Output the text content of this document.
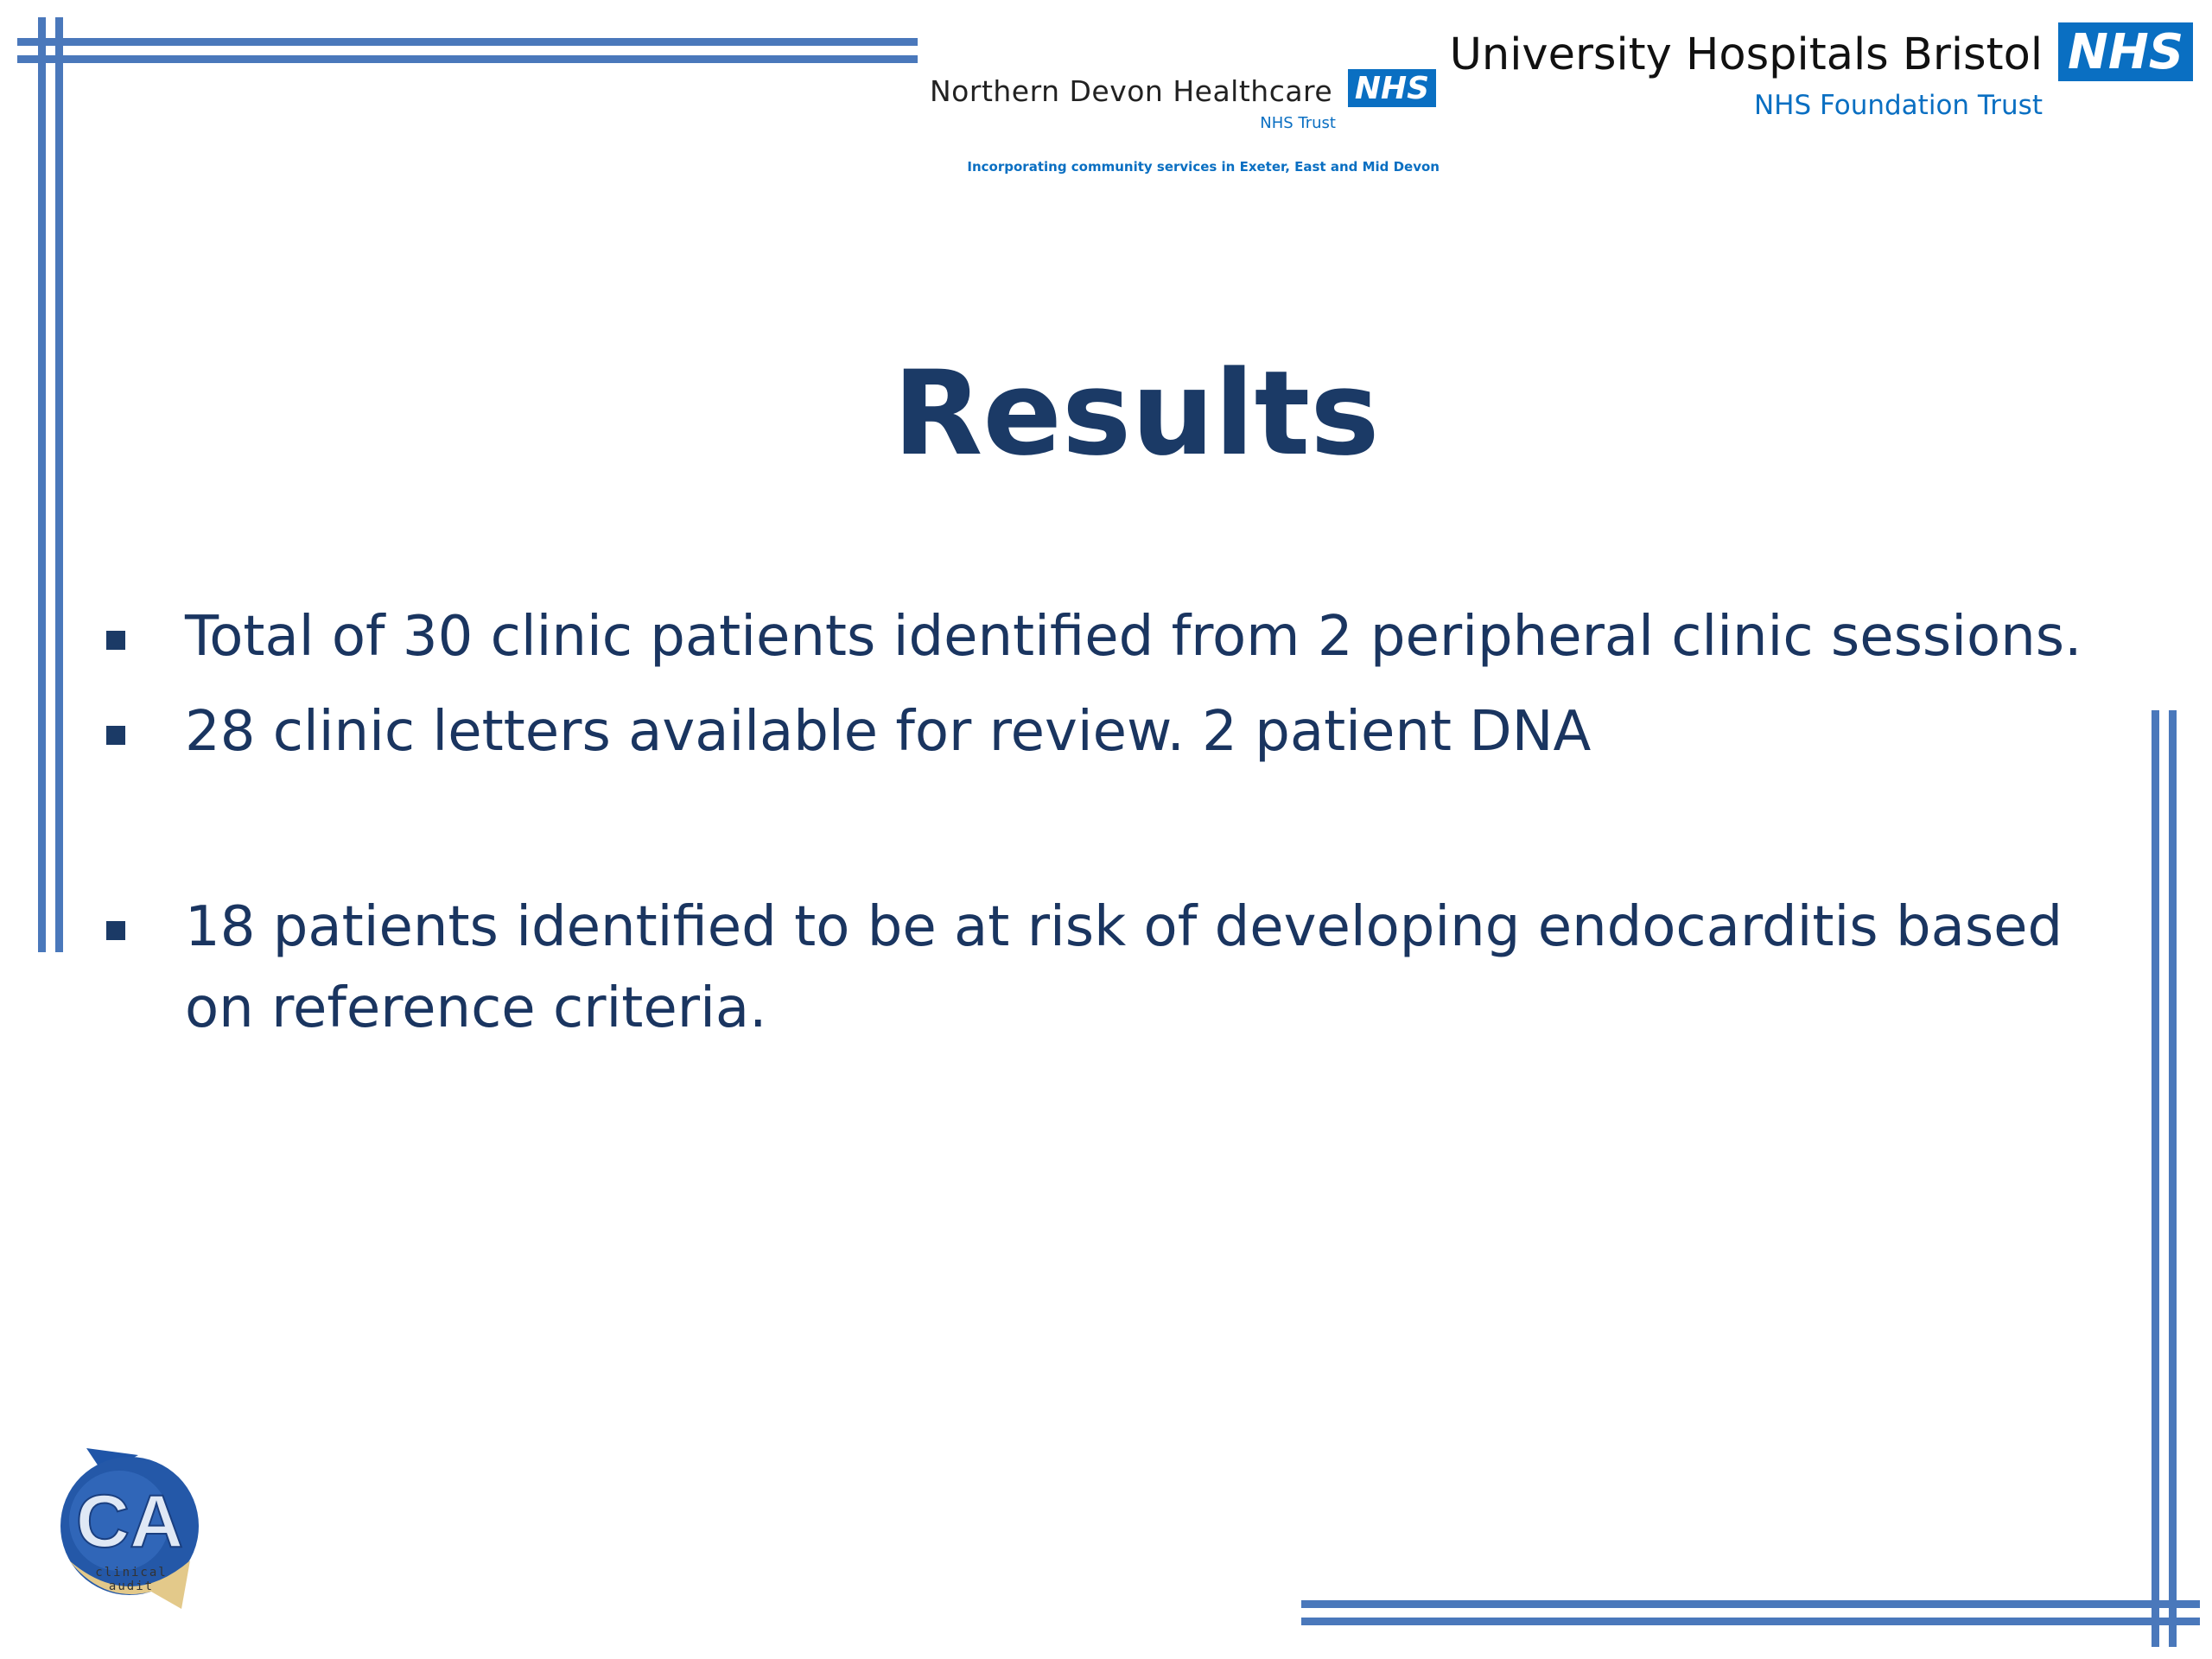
Northern Devon Healthcare NHS
NHS Trust
Incorporating community services in Exeter, East and Mid Devon
University Hospitals Bristol NHS
NHS Foundation Trust
Results
Total of 30 clinic patients identified from 2 peripheral clinic sessions.
28 clinic letters available for review. 2 patient DNA
18 patients identified to be at risk of developing endocarditis based on reference criteria.
CA
clinical
audit
